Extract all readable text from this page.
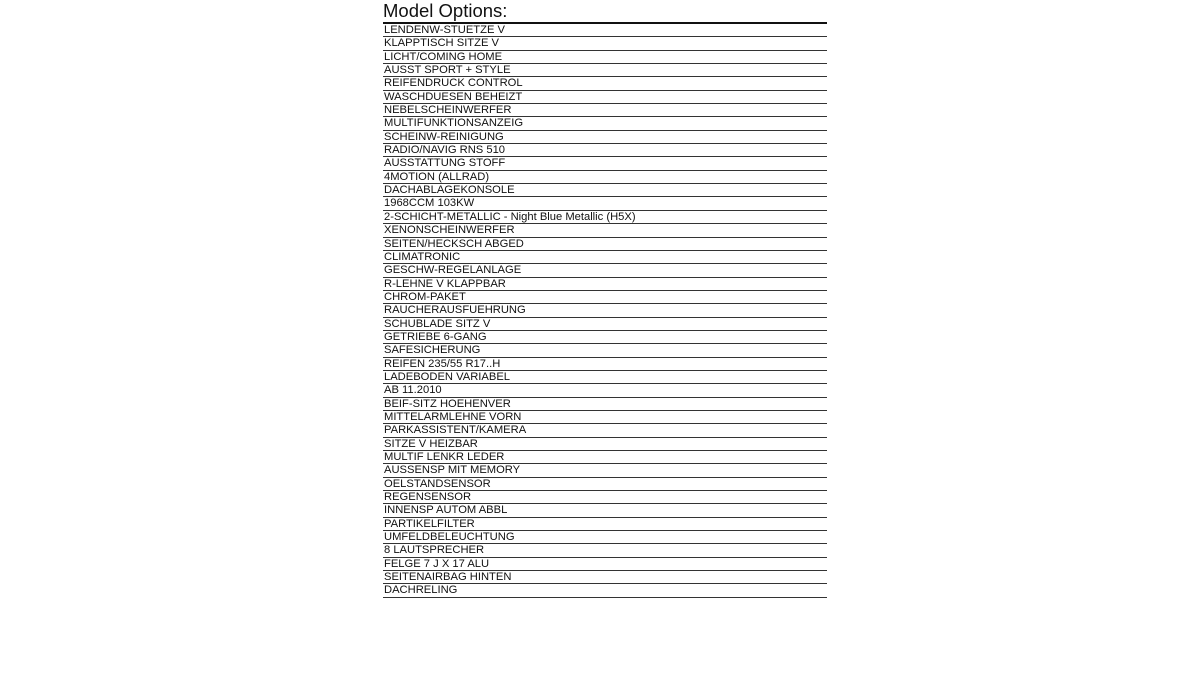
Model Options:
LENDENW-STUETZE V
KLAPPTISCH SITZE V
LICHT/COMING HOME
AUSST SPORT + STYLE
REIFENDRUCK CONTROL
WASCHDUESEN BEHEIZT
NEBELSCHEINWERFER
MULTIFUNKTIONSANZEIG
SCHEINW-REINIGUNG
RADIO/NAVIG RNS 510
AUSSTATTUNG STOFF
4MOTION (ALLRAD)
DACHABLAGEKONSOLE
1968CCM 103KW
2-SCHICHT-METALLIC - Night Blue Metallic (H5X)
XENONSCHEINWERFER
SEITEN/HECKSCH ABGED
CLIMATRONIC
GESCHW-REGELANLAGE
R-LEHNE V KLAPPBAR
CHROM-PAKET
RAUCHERAUSFUEHRUNG
SCHUBLADE SITZ V
GETRIEBE 6-GANG
SAFESICHERUNG
REIFEN 235/55 R17..H
LADEBODEN VARIABEL
AB 11.2010
BEIF-SITZ HOEHENVER
MITTELARMLEHNE VORN
PARKASSISTENT/KAMERA
SITZE V HEIZBAR
MULTIF LENKR LEDER
AUSSENSP MIT MEMORY
OELSTANDSENSOR
REGENSENSOR
INNENSP AUTOM ABBL
PARTIKELFILTER
UMFELDBELEUCHTUNG
8 LAUTSPRECHER
FELGE 7 J X 17 ALU
SEITENAIRBAG HINTEN
DACHRELING
